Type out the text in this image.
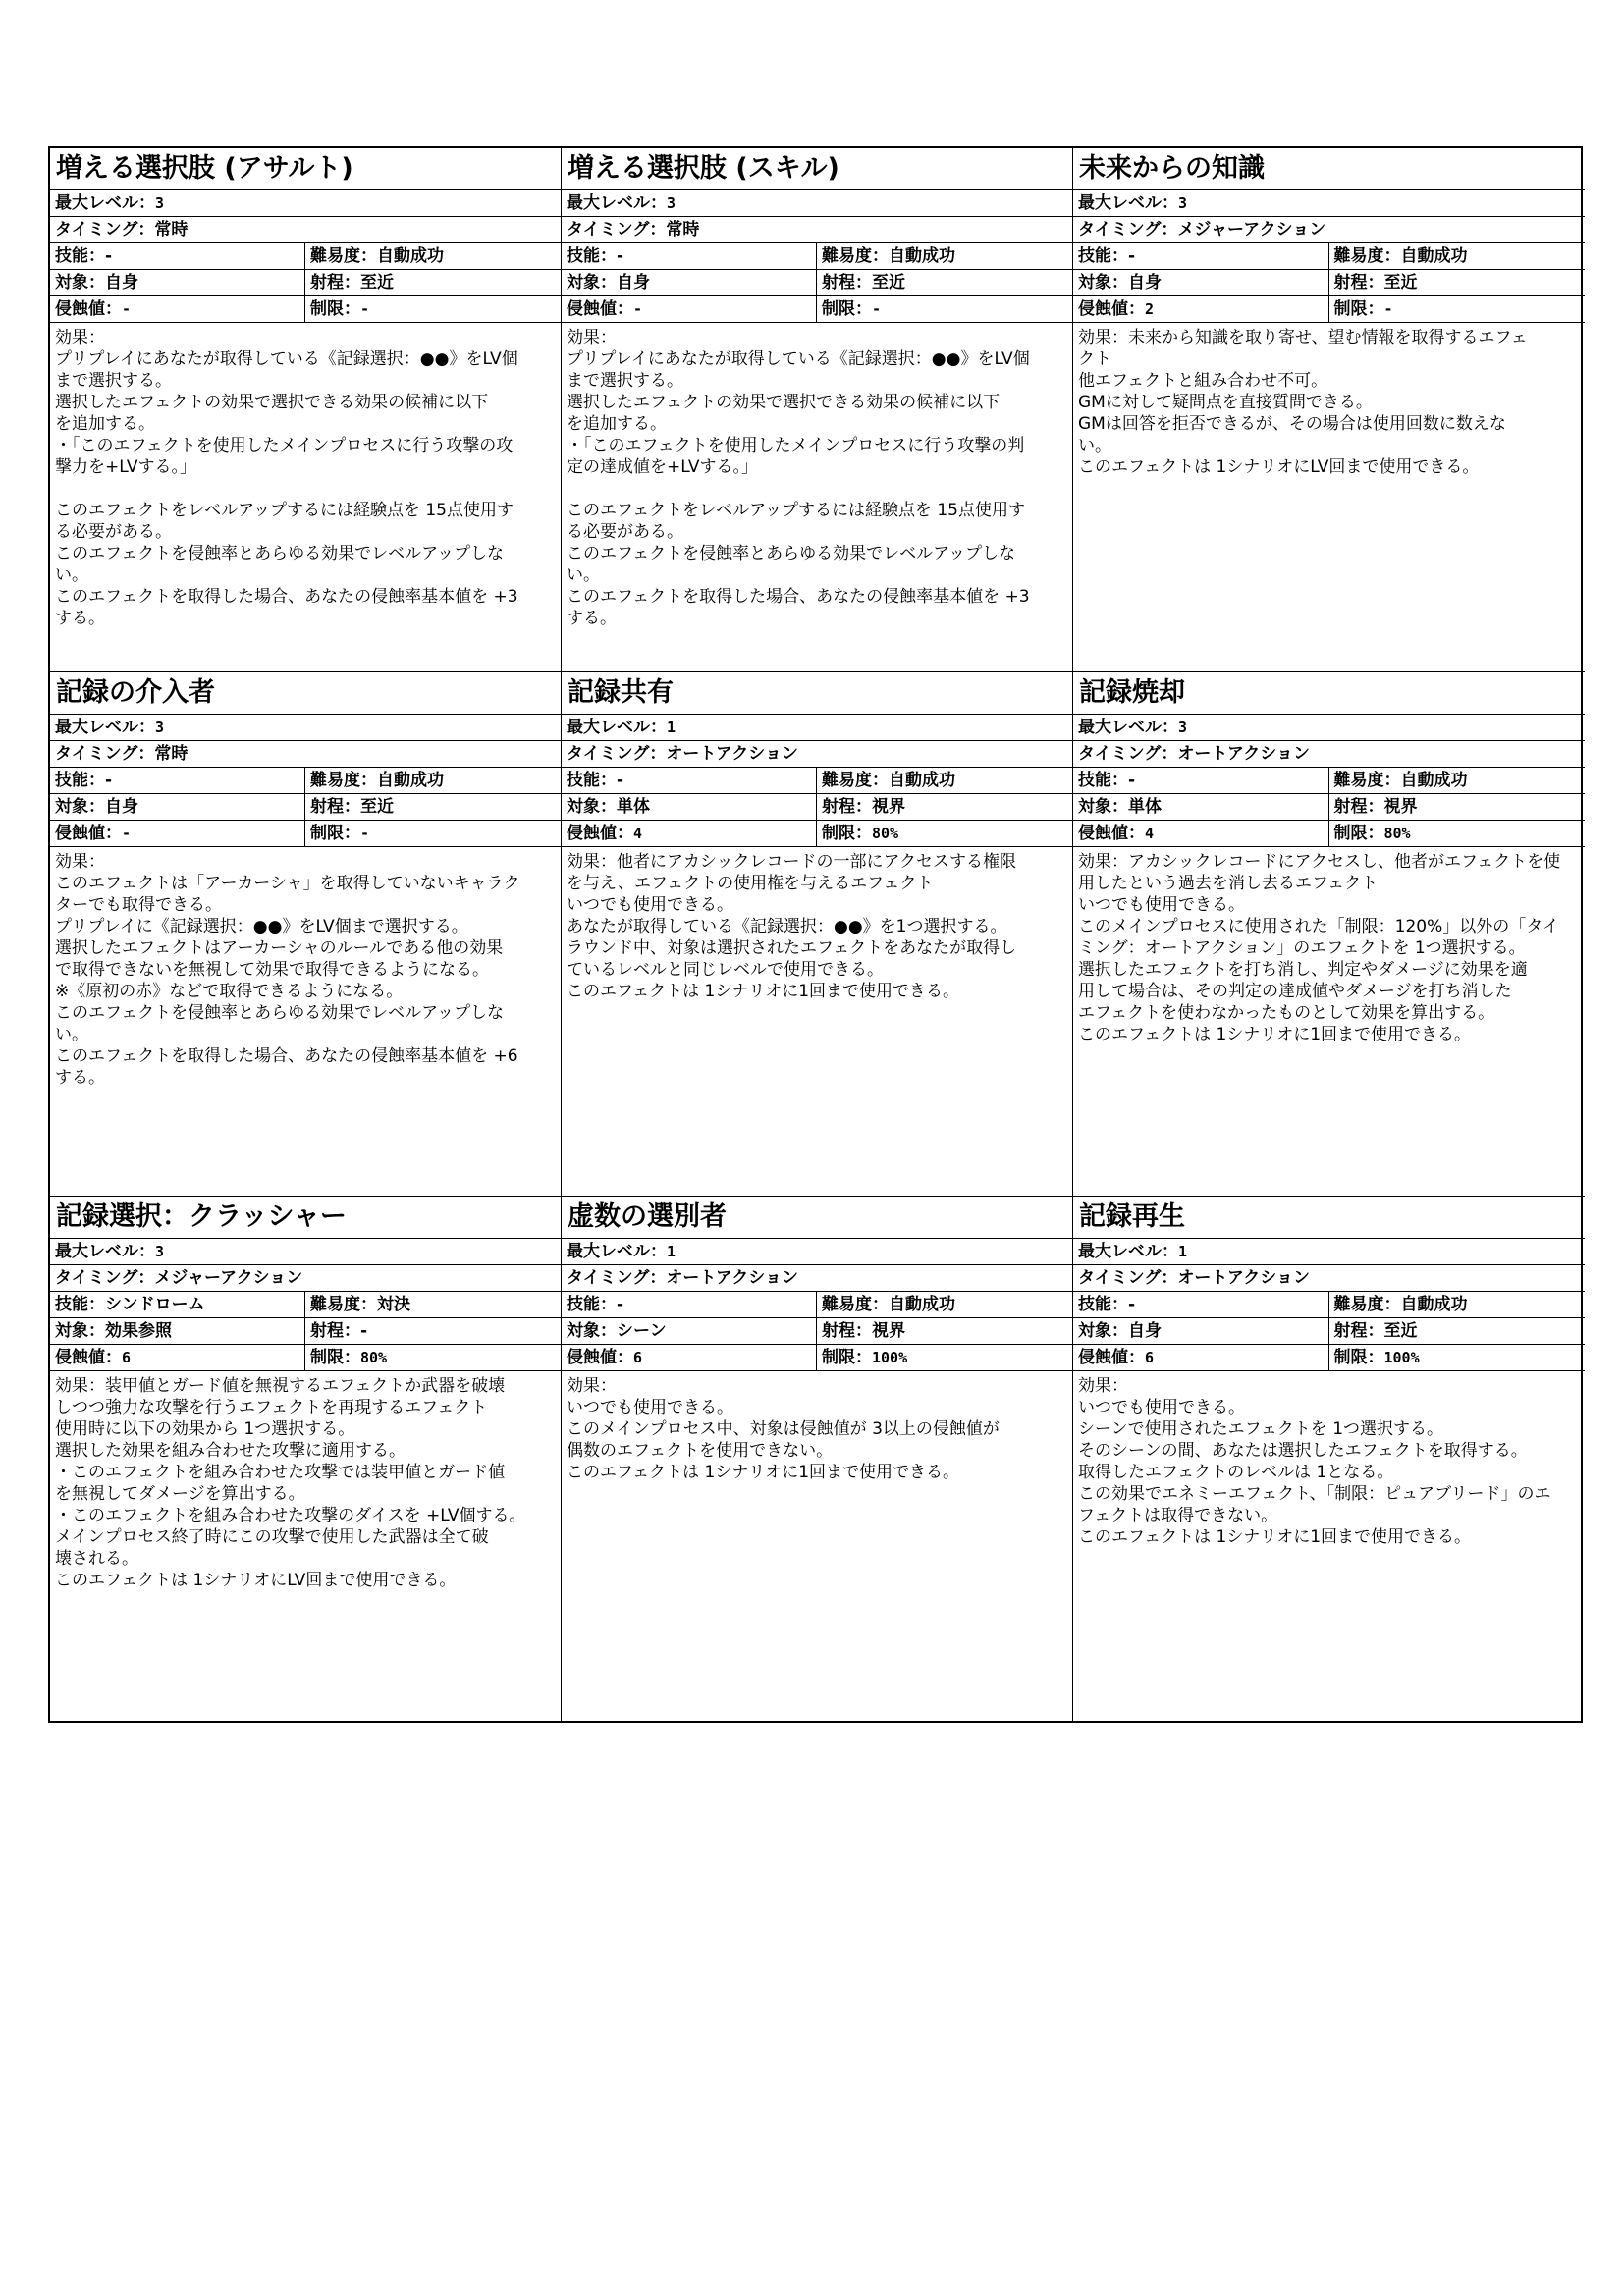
増える選択肢 (アサルト)
最大レベル：3
タイミング：常時
技能：-	難易度：自動成功
対象：自身	射程：至近
侵蝕値：-	制限：-
効果：
プリプレイにあなたが取得している《記録選択：●●》をLV個
まで選択する。
選択したエフェクトの効果で選択できる効果の候補に以下
を追加する。
・「このエフェクトを使用したメインプロセスに行う攻撃の攻
撃力を+LVする。」
このエフェクトをレベルアップするには経験点を 15点使用す
る必要がある。
このエフェクトを侵蝕率とあらゆる効果でレベルアップしな
い。
このエフェクトを取得した場合、あなたの侵蝕率基本値を +3
する。
増える選択肢 (スキル)
最大レベル：3
タイミング：常時
技能：-	難易度：自動成功
対象：自身	射程：至近
侵蝕値：-	制限：-
効果：
プリプレイにあなたが取得している《記録選択：●●》をLV個
まで選択する。
選択したエフェクトの効果で選択できる効果の候補に以下
を追加する。
・「このエフェクトを使用したメインプロセスに行う攻撃の判
定の達成値を+LVする。」
このエフェクトをレベルアップするには経験点を 15点使用す
る必要がある。
このエフェクトを侵蝕率とあらゆる効果でレベルアップしな
い。
このエフェクトを取得した場合、あなたの侵蝕率基本値を +3
する。
未来からの知識
最大レベル：3
タイミング：メジャーアクション
技能：-	難易度：自動成功
対象：自身	射程：至近
侵蝕値：2	制限：-
効果：未来から知識を取り寄せ、望む情報を取得するエフェ
クト
他エフェクトと組み合わせ不可。
GMに対して疑問点を直接質問できる。
GMは回答を拒否できるが、その場合は使用回数に数えな
い。
このエフェクトは 1シナリオにLV回まで使用できる。
記録の介入者
最大レベル：3
タイミング：常時
技能：-	難易度：自動成功
対象：自身	射程：至近
侵蝕値：-	制限：-
効果：
このエフェクトは「アーカーシャ」を取得していないキャラク
ターでも取得できる。
プリプレイに《記録選択：●●》をLV個まで選択する。
選択したエフェクトはアーカーシャのルールである他の効果
で取得できないを無視して効果で取得できるようになる。
※《原初の赤》などで取得できるようになる。
このエフェクトを侵蝕率とあらゆる効果でレベルアップしな
い。
このエフェクトを取得した場合、あなたの侵蝕率基本値を +6
する。
記録共有
最大レベル：1
タイミング：オートアクション
技能：-	難易度：自動成功
対象：単体	射程：視界
侵蝕値：4	制限：80%
効果：他者にアカシックレコードの一部にアクセスする権限
を与え、エフェクトの使用権を与えるエフェクト
いつでも使用できる。
あなたが取得している《記録選択：●●》を1つ選択する。
ラウンド中、対象は選択されたエフェクトをあなたが取得し
ているレベルと同じレベルで使用できる。
このエフェクトは 1シナリオに1回まで使用できる。
記録焼却
最大レベル：3
タイミング：オートアクション
技能：-	難易度：自動成功
対象：単体	射程：視界
侵蝕値：4	制限：80%
効果：アカシックレコードにアクセスし、他者がエフェクトを使
用したという過去を消し去るエフェクト
いつでも使用できる。
このメインプロセスに使用された「制限：120%」以外の「タイ
ミング：オートアクション」のエフェクトを 1つ選択する。
選択したエフェクトを打ち消し、判定やダメージに効果を適
用して場合は、その判定の達成値やダメージを打ち消した
エフェクトを使わなかったものとして効果を算出する。
このエフェクトは 1シナリオに1回まで使用できる。
記録選択：クラッシャー
最大レベル：3
タイミング：メジャーアクション
技能：シンドローム	難易度：対決
対象：効果参照	射程：-
侵蝕値：6	制限：80%
効果：装甲値とガード値を無視するエフェクトか武器を破壊
しつつ強力な攻撃を行うエフェクトを再現するエフェクト
使用時に以下の効果から 1つ選択する。
選択した効果を組み合わせた攻撃に適用する。
・このエフェクトを組み合わせた攻撃では装甲値とガード値
を無視してダメージを算出する。
・このエフェクトを組み合わせた攻撃のダイスを +LV個する。
メインプロセス終了時にこの攻撃で使用した武器は全て破
壊される。
このエフェクトは 1シナリオにLV回まで使用できる。
虚数の選別者
最大レベル：1
タイミング：オートアクション
技能：-	難易度：自動成功
対象：シーン	射程：視界
侵蝕値：6	制限：100%
効果：
いつでも使用できる。
このメインプロセス中、対象は侵蝕値が 3以上の侵蝕値が
偶数のエフェクトを使用できない。
このエフェクトは 1シナリオに1回まで使用できる。
記録再生
最大レベル：1
タイミング：オートアクション
技能：-	難易度：自動成功
対象：自身	射程：至近
侵蝕値：6	制限：100%
効果：
いつでも使用できる。
シーンで使用されたエフェクトを 1つ選択する。
そのシーンの間、あなたは選択したエフェクトを取得する。
取得したエフェクトのレベルは 1となる。
この効果でエネミーエフェクト、「制限：ピュアブリード」のエ
フェクトは取得できない。
このエフェクトは 1シナリオに1回まで使用できる。
